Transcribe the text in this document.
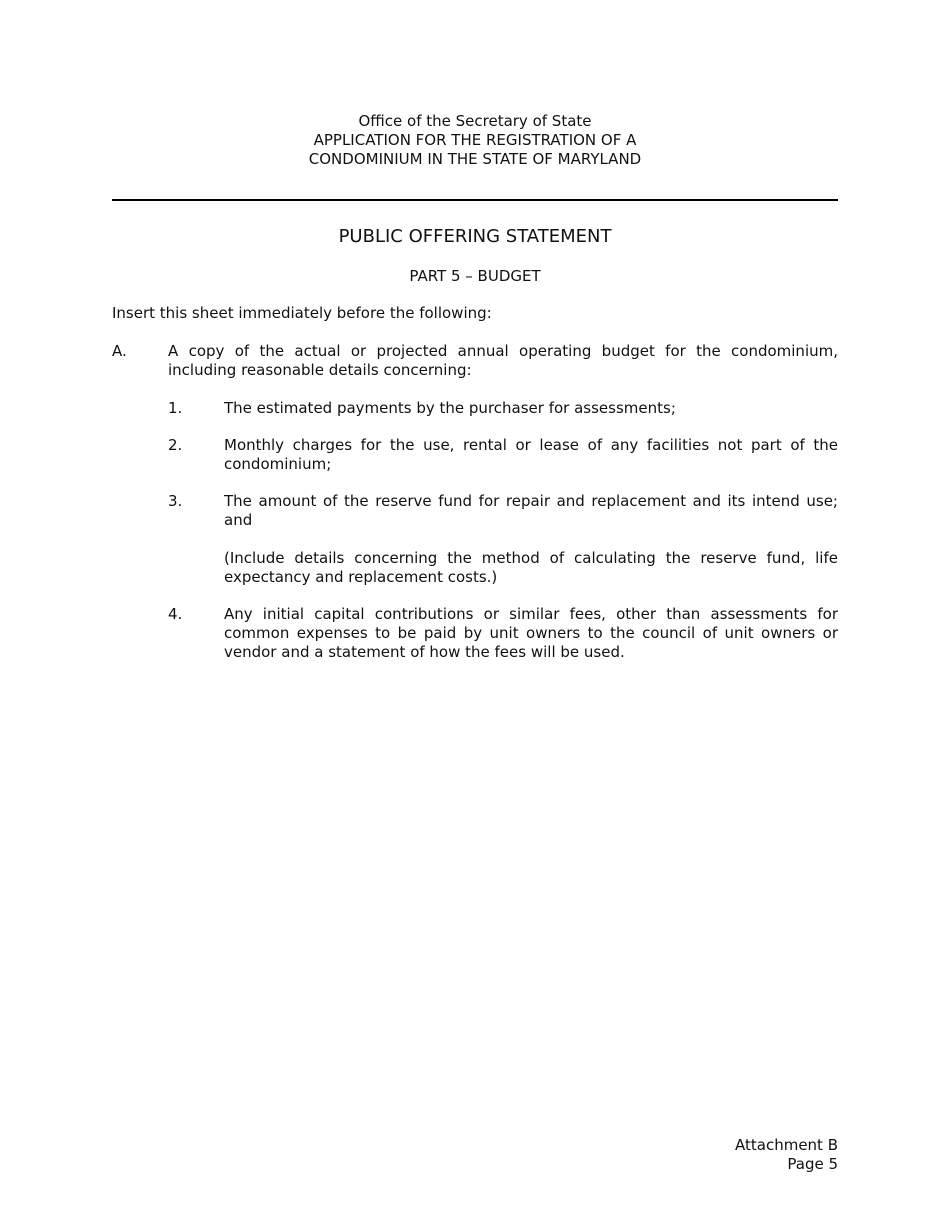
Office of the Secretary of State
APPLICATION FOR THE REGISTRATION OF A
CONDOMINIUM IN THE STATE OF MARYLAND
PUBLIC OFFERING STATEMENT
PART 5 – BUDGET
Insert this sheet immediately before the following:
A.	A copy of the actual or projected annual operating budget for the condominium, including reasonable details concerning:
1.	The estimated payments by the purchaser for assessments;
2.	Monthly charges for the use, rental or lease of any facilities not part of the condominium;
3.	The amount of the reserve fund for repair and replacement and its intend use; and
(Include details concerning the method of calculating the reserve fund, life expectancy and replacement costs.)
4.	Any initial capital contributions or similar fees, other than assessments for common expenses to be paid by unit owners to the council of unit owners or vendor and a statement of how the fees will be used.
Attachment B
Page 5
